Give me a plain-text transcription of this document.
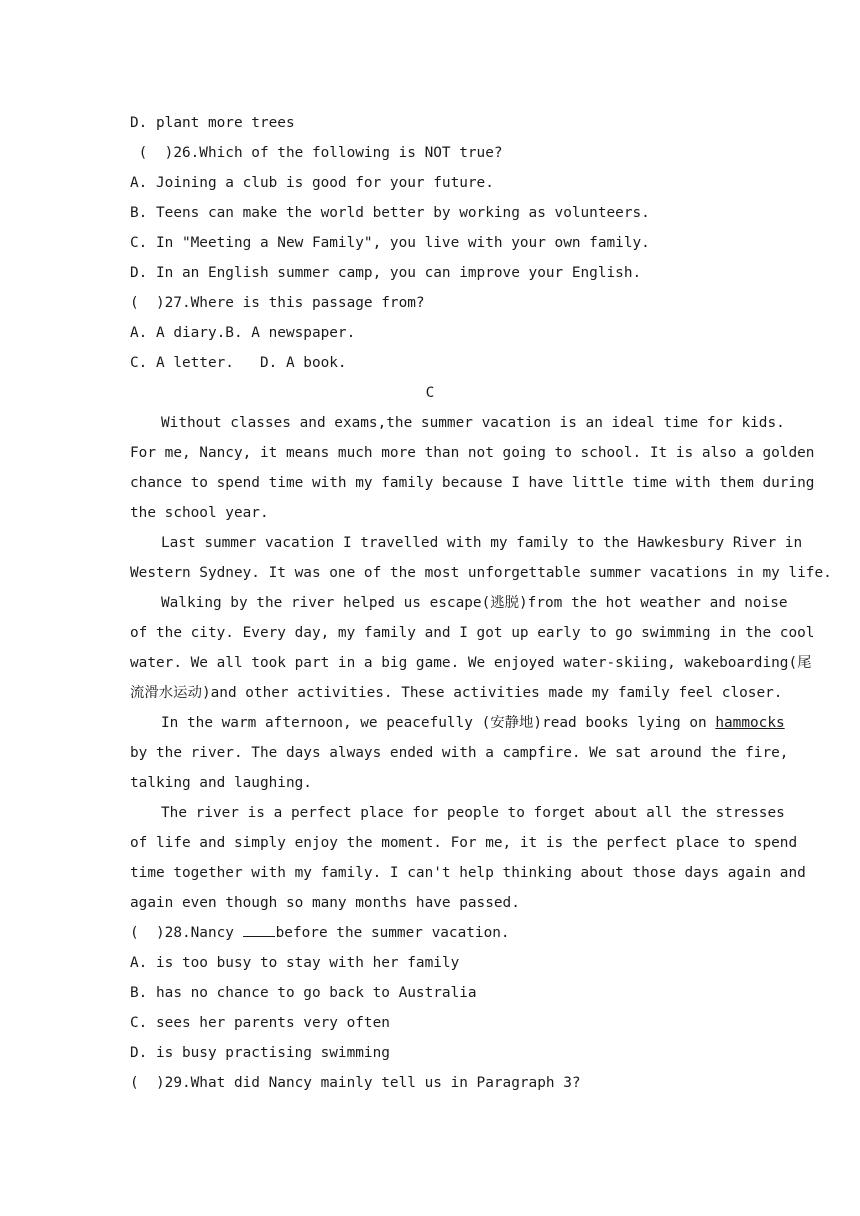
D. plant more trees
(  )26.Which of the following is NOT true?
A. Joining a club is good for your future.
B. Teens can make the world better by working as volunteers.
C. In "Meeting a New Family", you live with your own family.
D. In an English summer camp, you can improve your English.
(  )27.Where is this passage from?
A. A diary.B. A newspaper.
C. A letter.   D. A book.
C
Without classes and exams,the summer vacation is an ideal time for kids.
For me, Nancy, it means much more than not going to school. It is also a golden
chance to spend time with my family because I have little time with them during
the school year.
Last summer vacation I travelled with my family to the Hawkesbury River in
Western Sydney. It was one of the most unforgettable summer vacations in my life.
Walking by the river helped us escape(逃脱)from the hot weather and noise
of the city. Every day, my family and I got up early to go swimming in the cool
water. We all took part in a big game. We enjoyed water-skiing, wakeboarding(尾
流滑水运动)and other activities. These activities made my family feel closer.
In the warm afternoon, we peacefully (安静地)read books lying on hammocks
by the river. The days always ended with a campfire. We sat around the fire,
talking and laughing.
The river is a perfect place for people to forget about all the stresses
of life and simply enjoy the moment. For me, it is the perfect place to spend
time together with my family. I can't help thinking about those days again and
again even though so many months have passed.
(  )28.Nancy before the summer vacation.
A. is too busy to stay with her family
B. has no chance to go back to Australia
C. sees her parents very often
D. is busy practising swimming
(  )29.What did Nancy mainly tell us in Paragraph 3?
